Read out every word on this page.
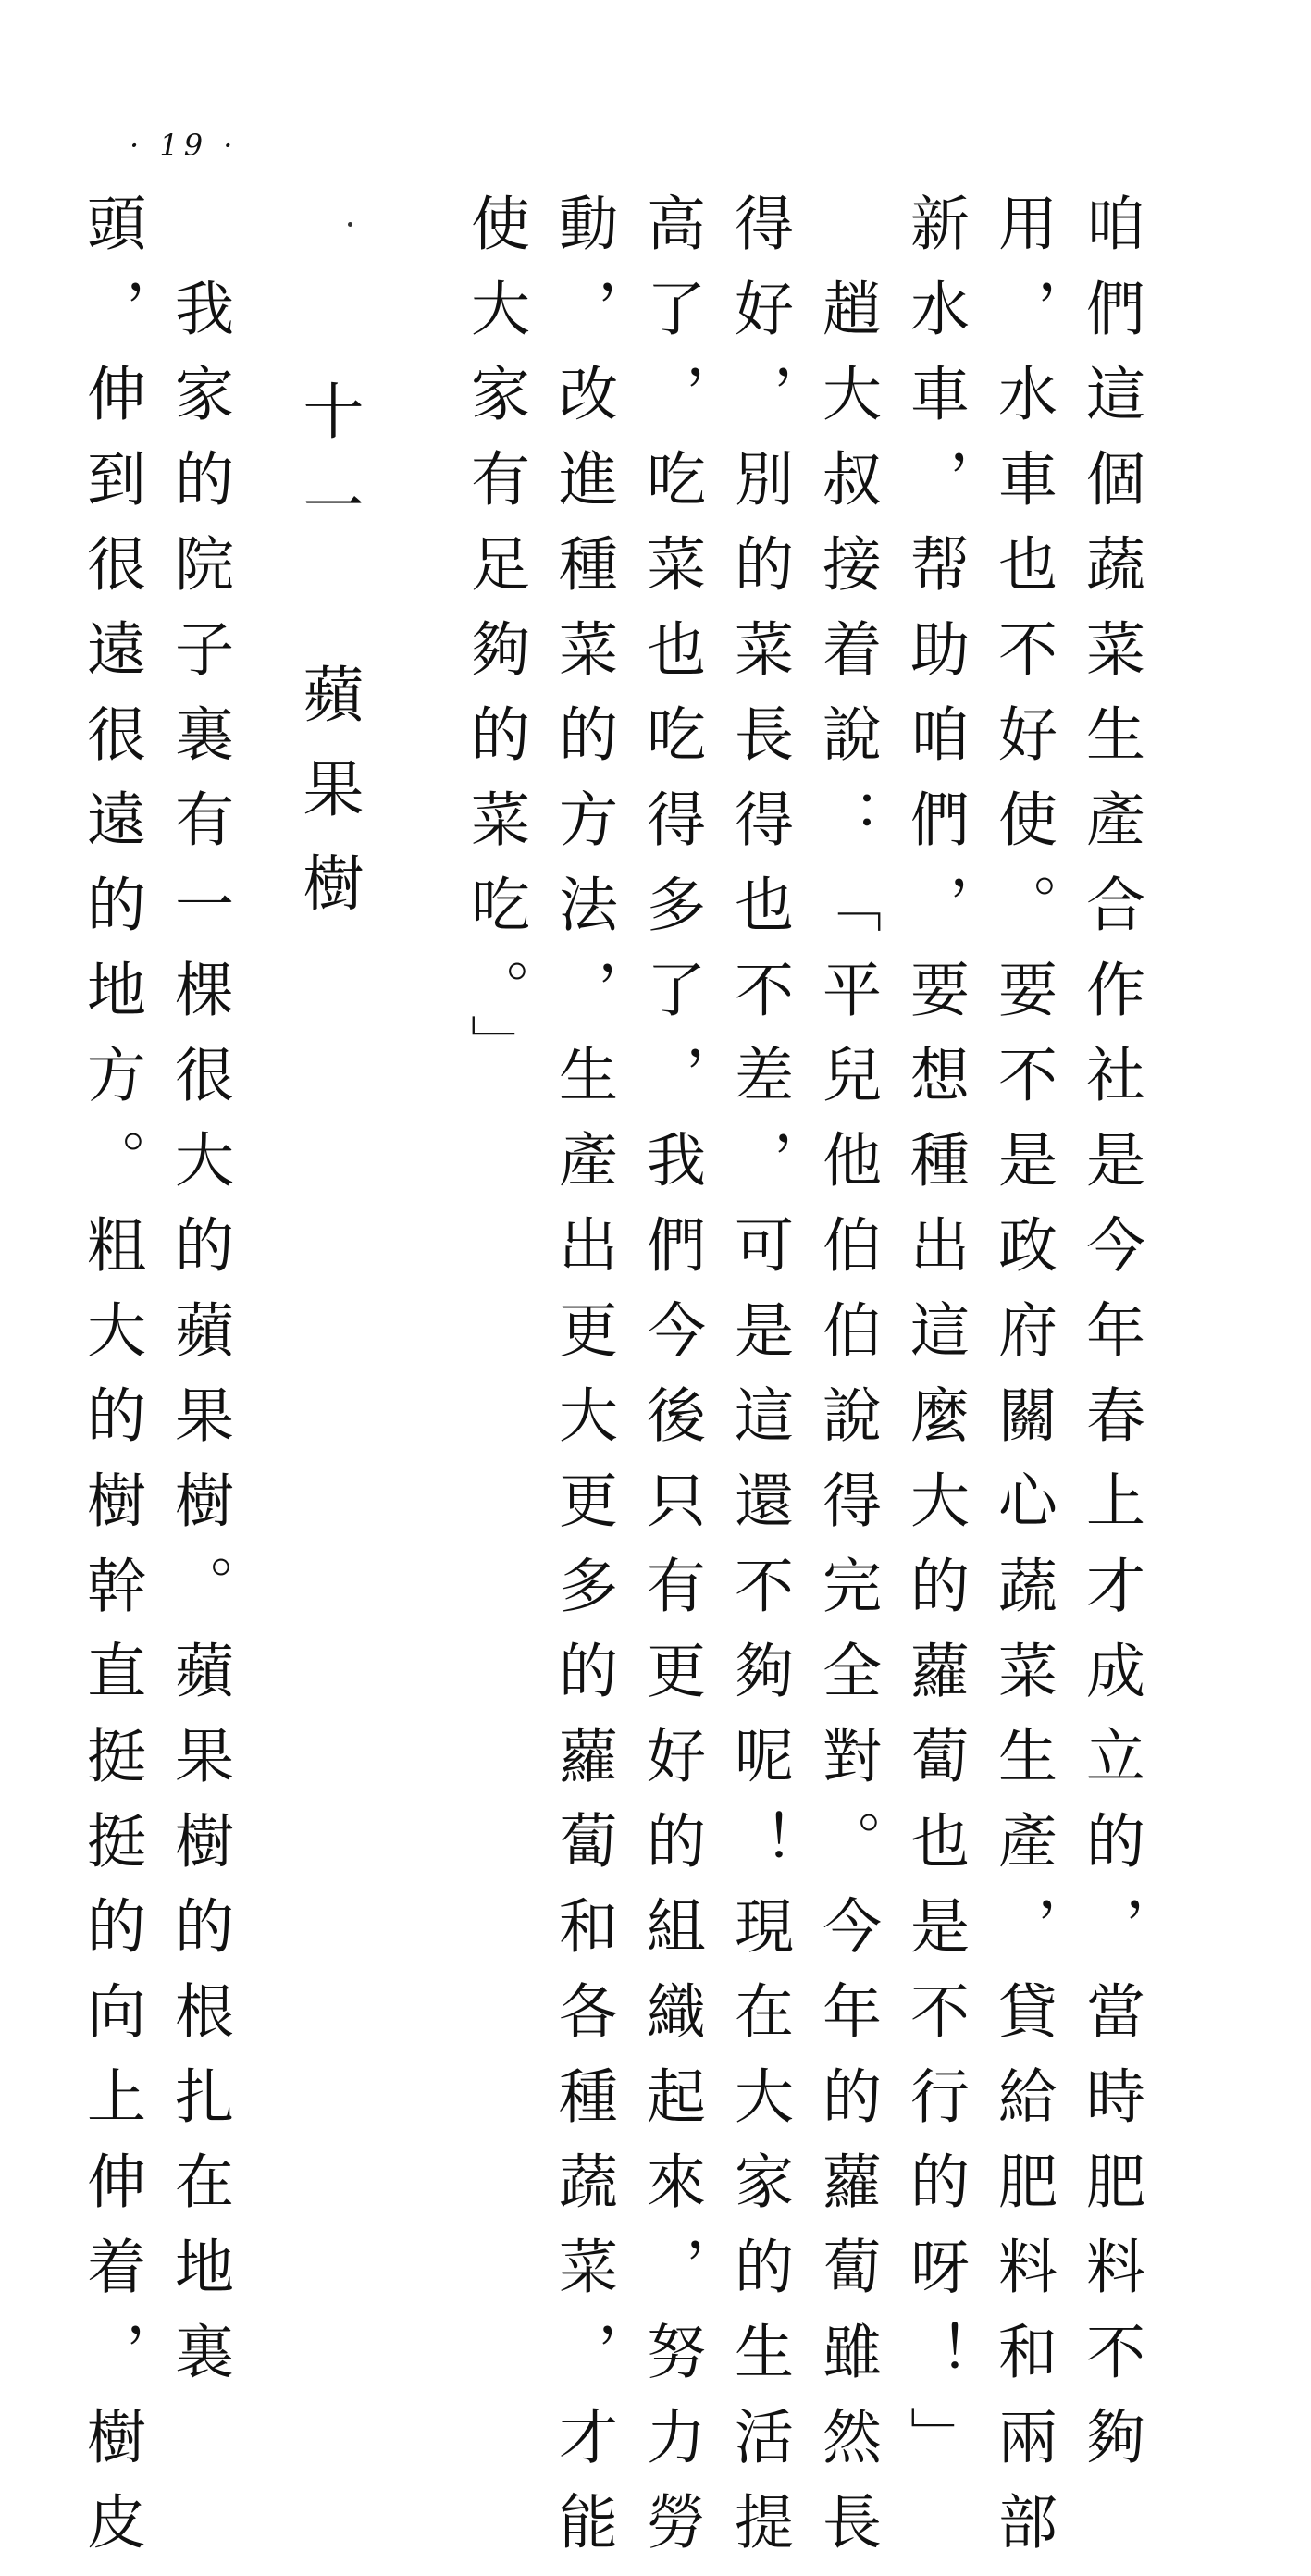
· 19 ·
咱們這個蔬菜生產合作社是今年春上才成立的，當時肥料不夠
用，水車也不好使。要不是政府關心蔬菜生產，貸給肥料和兩部
新水車，帮助咱們，要想種出這麼大的蘿蔔也是不行的呀！」
趙大叔接着說：「平兒他伯伯說得完全對。今年的蘿蔔雖然長
得好，別的菜長得也不差，可是這還不夠呢！現在大家的生活提
高了，吃菜也吃得多了，我們今後只有更好的組織起來，努力勞
動，改進種菜的方法，生產出更大更多的蘿蔔和各種蔬菜，才能
使大家有足夠的菜吃。」
十一　蘋果樹
我家的院子裏有一棵很大的蘋果樹。蘋果樹的根扎在地裏
頭，伸到很遠很遠的地方。粗大的樹幹直挺挺的向上伸着，樹皮
